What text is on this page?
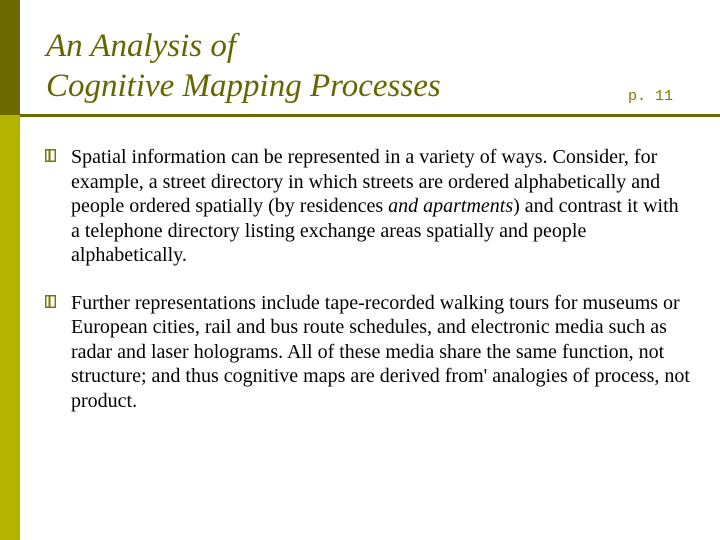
An Analysis of
Cognitive Mapping Processes	p. 11
Spatial information can be represented in a variety of ways. Consider, for example, a street directory in which streets are ordered alphabetically and people ordered spatially (by residences and apartments) and contrast it with a telephone directory listing exchange areas spatially and people alphabetically.
Further representations include tape-recorded walking tours for museums or European cities, rail and bus route schedules, and electronic media such as radar and laser holograms. All of these media share the same function, not structure; and thus cognitive maps are derived from' analogies of process, not product.
